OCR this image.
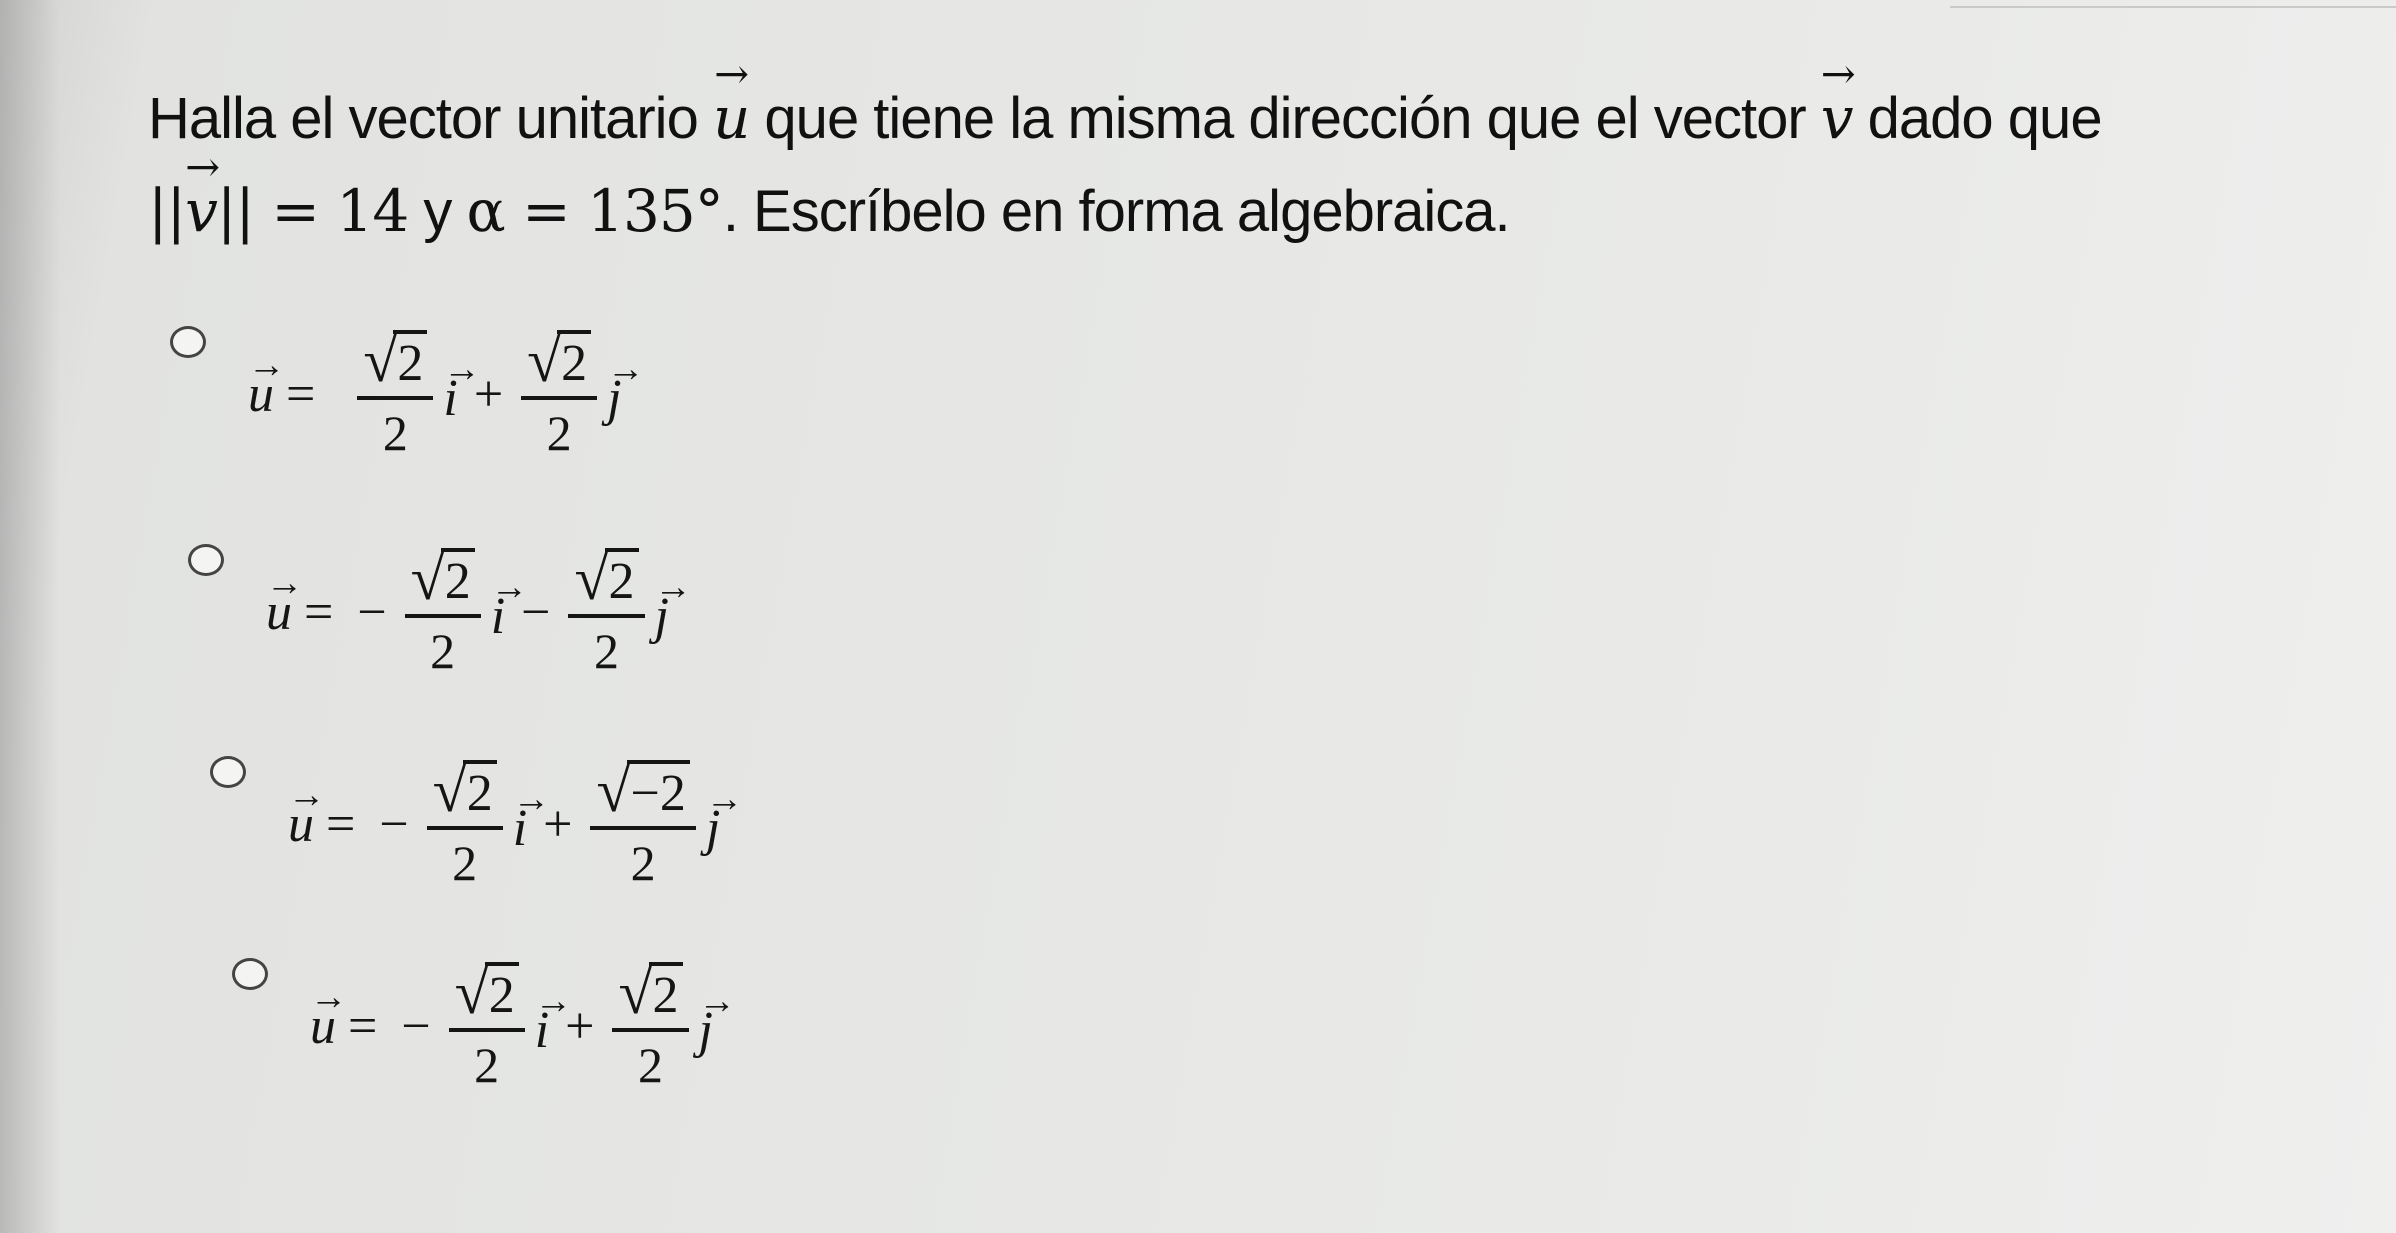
Halla el vector unitario → u que tiene la misma dirección que el vector → v dado que
||→ v|| = 14 y α = 135°. Escríbelo en forma algebraica.
→ $u = \frac{√ 2}{2}$
→ $i + \frac{√ 2}{2}$
→ j
→ u = − $\frac{√ 2}{2}$
→ $i - \frac{√ 2}{2}$
→ j
→ u = − $\frac{√ 2}{2}$
→ $i + \frac{√ -2}{2}$
→ j
→ u = − $\frac{√ 2}{2}$
→ $i + \frac{√ 2}{2}$
→ j
